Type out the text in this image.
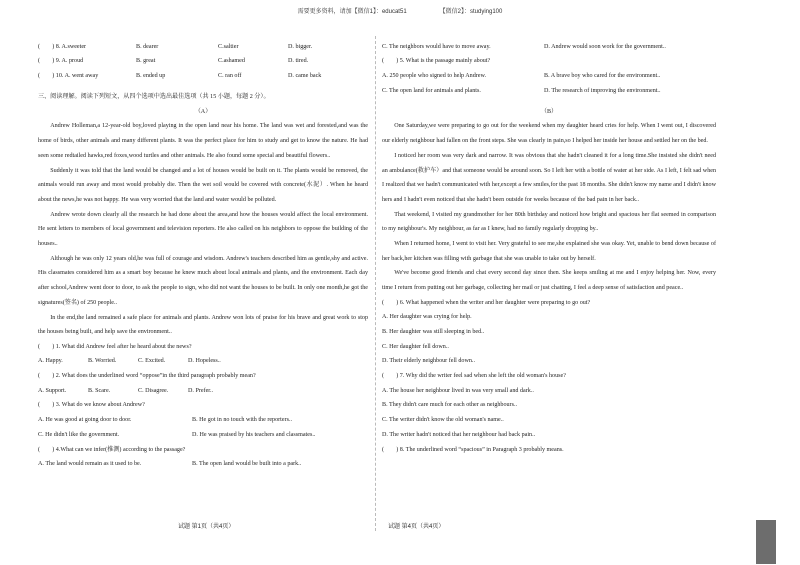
需要更多资料，请加【微信1】：educat51　　　　　　【微信2】：studying100
(　　) 8. A.sweeter	B. dearer	C.saltier	D. bigger.
(　　) 9. A. proud	B. great	C.ashamed	D. tired.
(　　) 10. A. went away	B. ended up	C. ran off	D. came back
三、阅读理解。阅读下列短文，从四个选项中选出最佳选项（共 15 小题，每题 2 分）。
（A）

Andrew Holleman,a 12-year-old boy,loved playing in the open land near his home. The land was wet and forested,and was the home of birds, other animals and many different plants. It was the perfect place for him to study and get to know the nature. He had seen some redtailed hawks,red foxes,wood turtles and other animals. He also found some special and beautiful flowers..

Suddenly it was told that the land would be changed and a lot of houses would be built on it. The plants would be removed, the animals would run away and most would probably die. Then the wet soil would be covered with concrete(水泥）. When he heard about the news,he was not happy. He was very worried that the land and water would be polluted.

Andrew wrote down clearly all the research he had done about the area,and how the houses would affect the local environment. He sent letters to members of local government and television reporters. He also called on his neighbors to oppose the building of the houses..

Although he was only 12 years old,he was full of courage and wisdom. Andrew's teachers described him as gentle,shy and active. His classmates considered him as a smart boy because he knew much about local animals and plants, and the environment. Each day after school,Andrew went door to door, to ask the people to sign, who did not want the houses to be built. In only one month,he got the signatures(签名) of 250 people..

In the end,the land remained a safe place for animals and plants. Andrew won lots of praise for his brave and great work to stop the houses being built, and help save the environment..

(　　) 1. What did Andrew feel after he heard about the news?
A. Happy.	B. Worried.	C. Excited.	D. Hopeless..
(　　) 2. What does the underlined word “oppose”in the third paragraph probably mean?
A. Support.	B. Scare.	C. Disagree.	D. Prefer..
(　　) 3. What do we know about Andrew?
A. He was good at going door to door.	B. He got in no touch with the reporters..
C. He didn't like the government.	D. He was praised by his teachers and classmates..
(　　) 4.What can we infer(推测) according to the passage?
A. The land would remain as it used to be.	B. The open land would be built into a park..
C. The neighbors would have to move away.	D. Andrew would soon work for the government..
(　　) 5. What is the passage mainly about?
A. 250 people who signed to help Andrew.	B. A brave boy who cared for the environment..
C. The open land for animals and plants.	D. The research of improving the environment..
（B）

One Saturday,we were preparing to go out for the weekend when my daughter heard cries for help. When I went out, I discovered our elderly neighbour had fallen on the front steps. She was clearly in pain,so I helped her inside her house and settled her on the bed.

I noticed her room was very dark and narrow. It was obvious that she hadn't cleaned it for a long time.She insisted she didn't need an ambulance(救护车）and that someone would be around soon. So I left her with a bottle of water at her side. As I left, I felt sad when I realized that we hadn't communicated with her,except a few smiles,for the past 18 months. She didn't know my name and I didn't know hers and I hadn't even noticed that she hadn't been outside for weeks because of the bad pain in her back..

That weekend, I visited my grandmother for her 80th birthday and noticed how bright and spacious her flat seemed in comparison to my neighbour's. My neighbour, as far as I knew, had no family regularly dropping by..

When I returned home, I went to visit her. Very grateful to see me,she explained she was okay. Yet, unable to bend down because of her back,her kitchen was filling with garbage that she was unable to take out by herself.

We've become good friends and chat every second day since then. She keeps smiling at me and I enjoy helping her. Now, every time I return from putting out her garbage, collecting her mail or just chatting, I feel a deep sense of satisfaction and peace..

(　　) 6. What happened when the writer and her daughter were preparing to go out?
A. Her daughter was crying for help.
B. Her daughter was still sleeping in bed..
C. Her daughter fell down..
D. Their elderly neighbour fell down..
(　　) 7. Why did the writer feel sad when she left the old woman's house?
A. The house her neighbour lived in was very small and dark..
B. They didn't care much for each other as neighbours..
C. The writer didn't know the old woman's name..
D. The writer hadn't noticed that her neighbour had back pain..
(　　) 8. The underlined word “spacious” in Paragraph 3 probably means.
试题 第1页（共4页）	试题 第4页（共4页）
